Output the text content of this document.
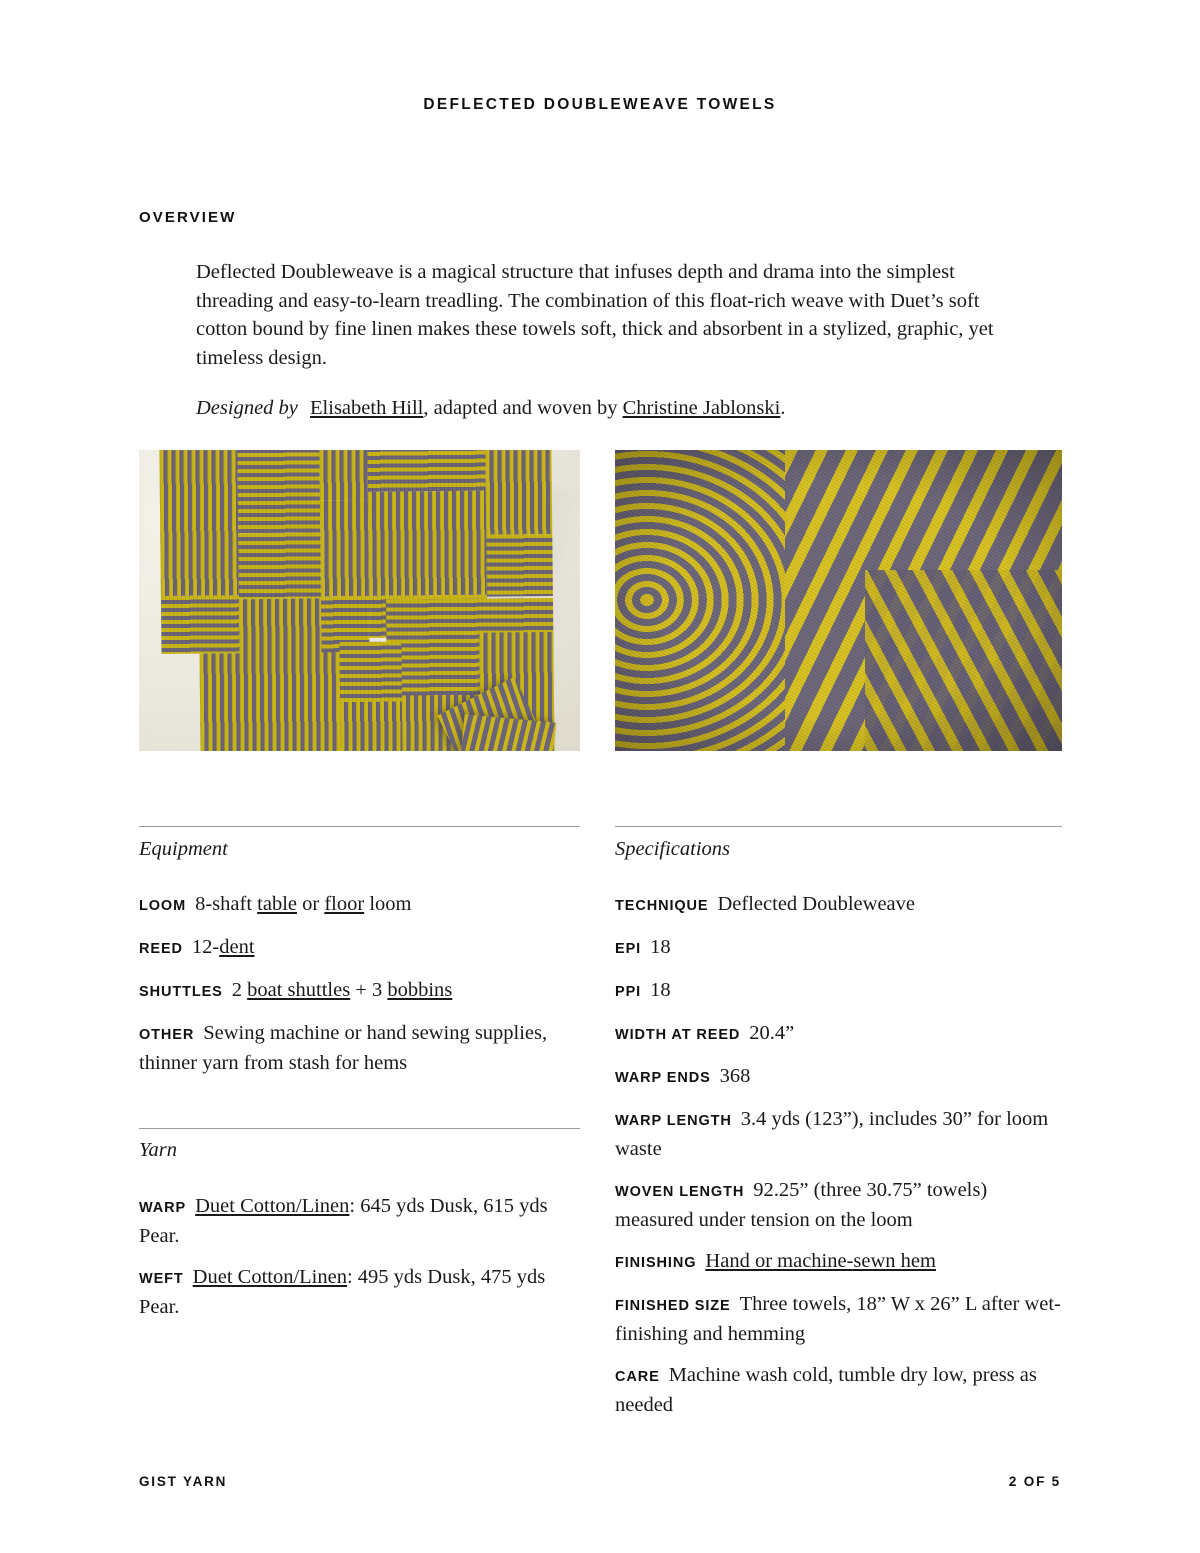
DEFLECTED DOUBLEWEAVE TOWELS
OVERVIEW

Deflected Doubleweave is a magical structure that infuses depth and drama into the simplest threading and easy-to-learn treadling. The combination of this float-rich weave with Duet’s soft cotton bound by fine linen makes these towels soft, thick and absorbent in a stylized, graphic, yet timeless design.

Designed by Elisabeth Hill, adapted and woven by Christine Jablonski.

Equipment
LOOM 8-shaft table or floor loom
REED 12-dent
SHUTTLES 2 boat shuttles + 3 bobbins
OTHER Sewing machine or hand sewing supplies, thinner yarn from stash for hems
Yarn
WARP Duet Cotton/Linen: 645 yds Dusk, 615 yds Pear.
WEFT Duet Cotton/Linen: 495 yds Dusk, 475 yds Pear.
Specifications
TECHNIQUE Deflected Doubleweave
EPI 18
PPI 18
WIDTH AT REED 20.4”
WARP ENDS 368
WARP LENGTH 3.4 yds (123”), includes 30” for loom waste
WOVEN LENGTH 92.25” (three 30.75” towels) measured under tension on the loom
FINISHING Hand or machine-sewn hem
FINISHED SIZE Three towels, 18” W x 26” L after wet-finishing and hemming
CARE Machine wash cold, tumble dry low, press as needed
GIST YARN	2 OF 5
